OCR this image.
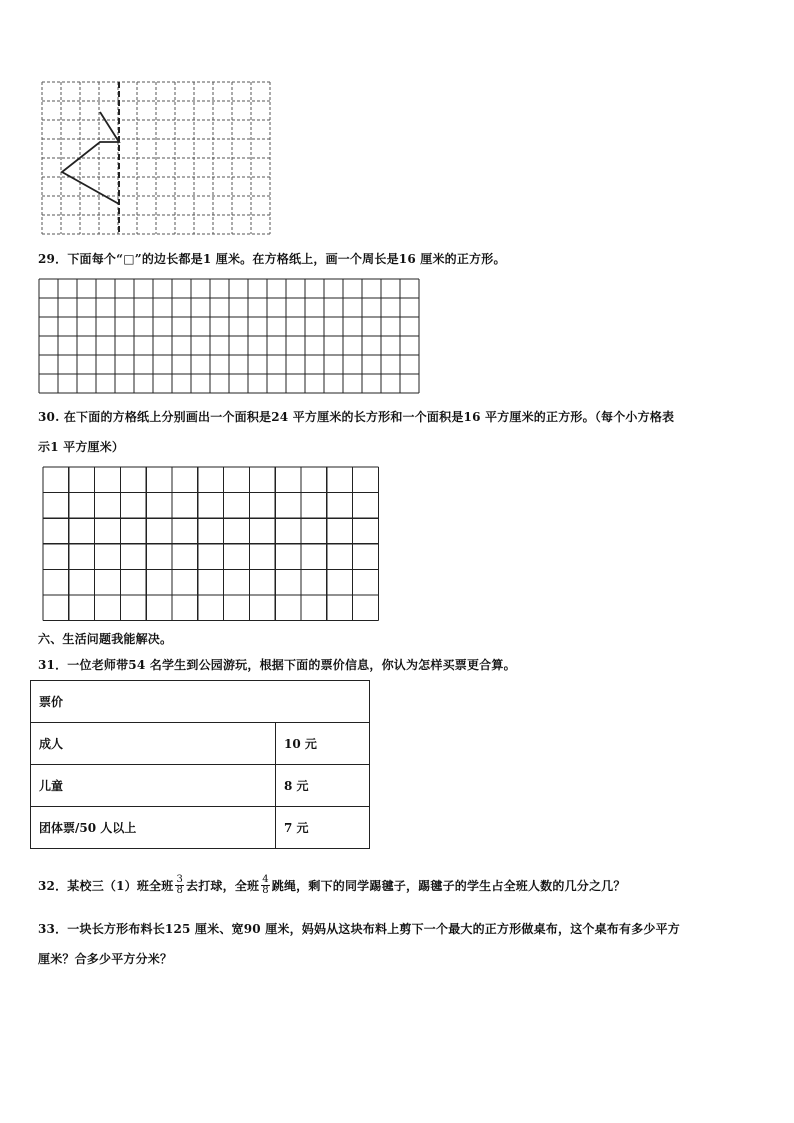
29．下面每个“□”的边长都是1 厘米。在方格纸上，画一个周长是16 厘米的正方形。
30. 在下面的方格纸上分别画出一个面积是24 平方厘米的长方形和一个面积是16 平方厘米的正方形。（每个小方格表
示1 平方厘米）
六、生活问题我能解决。
31．一位老师带54 名学生到公园游玩，根据下面的票价信息，你认为怎样买票更合算。
票价	
成人	10 元
儿童	8 元
团体票/50 人以上	7 元
32．某校三（1）班全班 $\frac{3}{8}$ 去打球，全班 $\frac{4}{8}$ 跳绳，剩下的同学踢毽子，踢毽子的学生占全班人数的几分之几？
33．一块长方形布料长125 厘米、宽90 厘米，妈妈从这块布料上剪下一个最大的正方形做桌布，这个桌布有多少平方
厘米？合多少平方分米？
